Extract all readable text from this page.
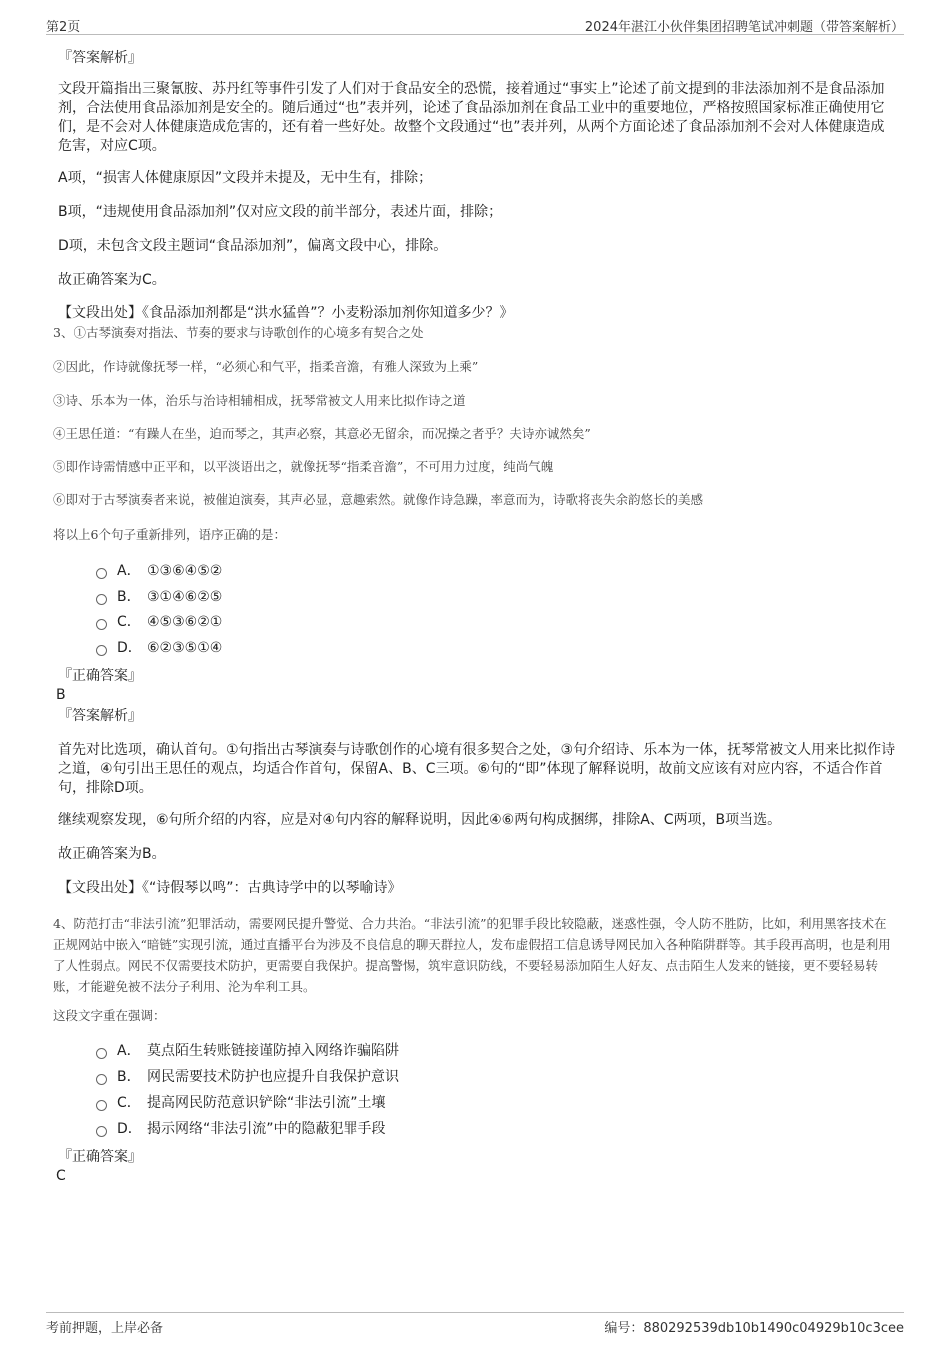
第2页	2024年湛江小伙伴集团招聘笔试冲刺题（带答案解析）

『答案解析』

文段开篇指出三聚氰胺、苏丹红等事件引发了人们对于食品安全的恐慌，接着通过“事实上”论述了前文提到的非法添加剂不是食品添加剂，合法使用食品添加剂是安全的。随后通过“也”表并列，论述了食品添加剂在食品工业中的重要地位，严格按照国家标准正确使用它们，是不会对人体健康造成危害的，还有着一些好处。故整个文段通过“也”表并列，从两个方面论述了食品添加剂不会对人体健康造成危害，对应C项。

A项，“损害人体健康原因”文段并未提及，无中生有，排除；

B项，“违规使用食品添加剂”仅对应文段的前半部分，表述片面，排除；

D项，未包含文段主题词“食品添加剂”，偏离文段中心，排除。

故正确答案为C。

【文段出处】《食品添加剂都是“洪水猛兽”？小麦粉添加剂你知道多少？》

3、①古琴演奏对指法、节奏的要求与诗歌创作的心境多有契合之处

②因此，作诗就像抚琴一样，“必须心和气平，指柔音澹，有雅人深致为上乘”

③诗、乐本为一体，治乐与治诗相辅相成，抚琴常被文人用来比拟作诗之道

④王思任道：“有躁人在坐，迫而琴之，其声必察，其意必无留余，而况操之者乎？夫诗亦诚然矣”

⑤即作诗需情感中正平和，以平淡语出之，就像抚琴“指柔音澹”，不可用力过度，纯尚气魄

⑥即对于古琴演奏者来说，被催迫演奏，其声必显，意趣索然。就像作诗急躁，率意而为，诗歌将丧失余韵悠长的美感

将以上6个句子重新排列，语序正确的是：

A． ①③⑥④⑤②
B． ③①④⑥②⑤
C． ④⑤③⑥②①
D． ⑥②③⑤①④

『正确答案』

B

『答案解析』

首先对比选项，确认首句。①句指出古琴演奏与诗歌创作的心境有很多契合之处，③句介绍诗、乐本为一体，抚琴常被文人用来比拟作诗之道，④句引出王思任的观点，均适合作首句，保留A、B、C三项。⑥句的“即”体现了解释说明，故前文应该有对应内容，不适合作首句，排除D项。

继续观察发现，⑥句所介绍的内容，应是对④句内容的解释说明，因此④⑥两句构成捆绑，排除A、C两项，B项当选。

故正确答案为B。

【文段出处】《“诗假琴以鸣”：古典诗学中的以琴喻诗》

4、防范打击“非法引流”犯罪活动，需要网民提升警觉、合力共治。“非法引流”的犯罪手段比较隐蔽，迷惑性强，令人防不胜防，比如，利用黑客技术在正规网站中嵌入“暗链”实现引流，通过直播平台为涉及不良信息的聊天群拉人，发布虚假招工信息诱导网民加入各种陷阱群等。其手段再高明，也是利用了人性弱点。网民不仅需要技术防护，更需要自我保护。提高警惕，筑牢意识防线，不要轻易添加陌生人好友、点击陌生人发来的链接，更不要轻易转账，才能避免被不法分子利用、沦为牟利工具。

这段文字重在强调：

A． 莫点陌生转账链接谨防掉入网络诈骗陷阱
B． 网民需要技术防护也应提升自我保护意识
C． 提高网民防范意识铲除“非法引流”土壤
D． 揭示网络“非法引流”中的隐蔽犯罪手段

『正确答案』

C

考前押题，上岸必备	编号：880292539db10b1490c04929b10c3cee
